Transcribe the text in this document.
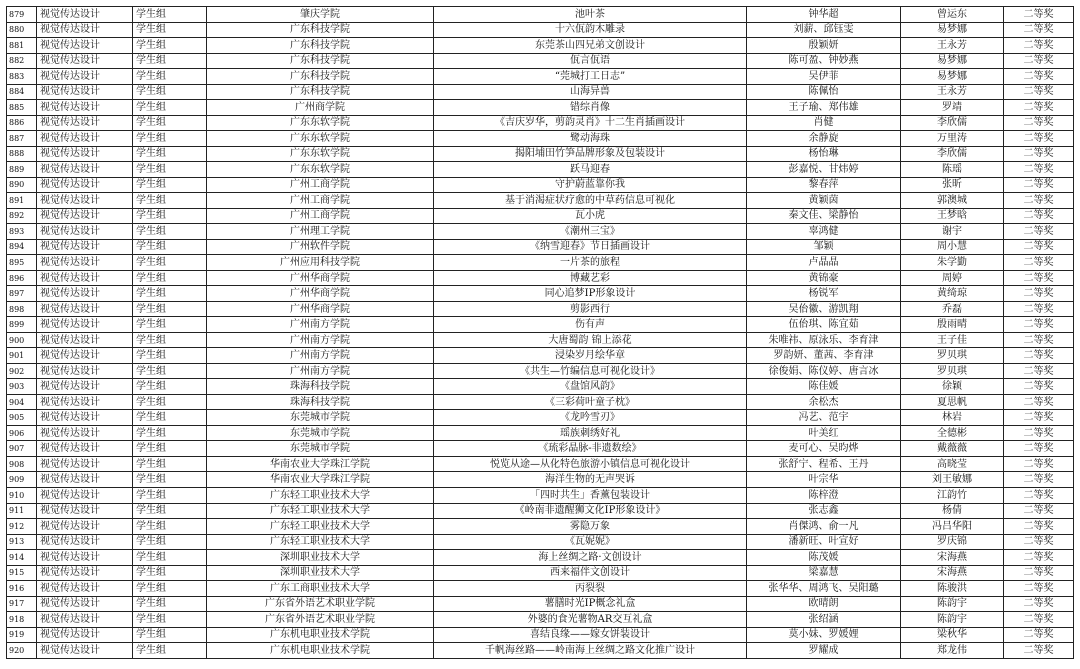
879	视觉传达设计	学生组	肇庆学院	池叶茶	钟华超	曾运东	二等奖
880	视觉传达设计	学生组	广东科技学院	十六佤韵木雕录	刘薪、邱钰雯	易梦娜	二等奖
881	视觉传达设计	学生组	广东科技学院	东莞茶山四兄弟文创设计	殷颖妍	王永芳	二等奖
882	视觉传达设计	学生组	广东科技学院	佤言佤语	陈可盈、钟妙燕	易梦娜	二等奖
883	视觉传达设计	学生组	广东科技学院	“莞城打工日志”	吴伊菲	易梦娜	二等奖
884	视觉传达设计	学生组	广东科技学院	山海异兽	陈佩怡	王永芳	二等奖
885	视觉传达设计	学生组	广州商学院	错综肖像	王子瑜、郑伟雄	罗靖	二等奖
886	视觉传达设计	学生组	广东东软学院	《吉庆岁华，剪韵灵肖》十二生肖插画设计	肖健	李欣儒	二等奖
887	视觉传达设计	学生组	广东东软学院	鹭动海珠	余静旋	万里涛	二等奖
888	视觉传达设计	学生组	广东东软学院	揭阳埔田竹笋品牌形象及包装设计	杨怡琳	李欣儒	二等奖
889	视觉传达设计	学生组	广东东软学院	跃马迎春	彭嘉悦、甘炜婷	陈瑶	二等奖
890	视觉传达设计	学生组	广州工商学院	守护蔚蓝靠你我	黎春萍	张昕	二等奖
891	视觉传达设计	学生组	广州工商学院	基于消渴症状疗愈的中草药信息可视化	黄颖茵	郭澳城	二等奖
892	视觉传达设计	学生组	广州工商学院	瓦小虎	秦文佳、梁静怡	王梦晗	二等奖
893	视觉传达设计	学生组	广州理工学院	《潮州三宝》	辜鸿健	谢宇	二等奖
894	视觉传达设计	学生组	广州软件学院	《纳雪迎春》节日插画设计	邹颖	周小慧	二等奖
895	视觉传达设计	学生组	广州应用科技学院	一片茶的旅程	卢晶晶	朱学勤	二等奖
896	视觉传达设计	学生组	广州华商学院	博藏艺彩	黄锦豪	周婷	二等奖
897	视觉传达设计	学生组	广州华商学院	同心追梦IP形象设计	杨锐军	黄绮琼	二等奖
898	视觉传达设计	学生组	广州华商学院	剪影西行	吴佁徽、游凯翔	乔磊	二等奖
899	视觉传达设计	学生组	广州南方学院	伤有声	伍佁琪、陈宜茹	殷雨晴	二等奖
900	视觉传达设计	学生组	广州南方学院	大唐蜀韵 锦上添花	朱唯祎、原泳乐、李育津	王子佳	二等奖
901	视觉传达设计	学生组	广州南方学院	浸染岁月绘华章	罗韵妍、董茜、李育津	罗贝琪	二等奖
902	视觉传达设计	学生组	广州南方学院	《共生—竹编信息可视化设计》	徐俊娟、陈仪婷、唐言冰	罗贝琪	二等奖
903	视觉传达设计	学生组	珠海科技学院	《盘馆风韵》	陈佳媛	徐颖	二等奖
904	视觉传达设计	学生组	珠海科技学院	《三彩荷叶童子枕》	余松杰	夏思帆	二等奖
905	视觉传达设计	学生组	东莞城市学院	《龙吟雪刃》	冯艺、范宇	林岩	二等奖
906	视觉传达设计	学生组	东莞城市学院	瑶族刺绣好礼	叶美红	全德彬	二等奖
907	视觉传达设计	学生组	东莞城市学院	《琉彩晶脉-非遗数绘》	麦可心、吴昀烨	戴薇薇	二等奖
908	视觉传达设计	学生组	华南农业大学珠江学院	悦览从途—从化特色旅游小镇信息可视化设计	张舒宁、程希、王丹	高晓莹	二等奖
909	视觉传达设计	学生组	华南农业大学珠江学院	海洋生物的无声哭诉	叶宗华	刘王敏娜	二等奖
910	视觉传达设计	学生组	广东轻工职业技术大学	「四时共生」香薰包装设计	陈梓澄	江韵竹	二等奖
911	视觉传达设计	学生组	广东轻工职业技术大学	《岭南非遗醒狮文化IP形象设计》	张志鑫	杨倩	二等奖
912	视觉传达设计	学生组	广东轻工职业技术大学	雾隐万象	肖傑鸿、俞一凡	冯吕华阳	二等奖
913	视觉传达设计	学生组	广东轻工职业技术大学	《瓦妮妮》	潘新旺、叶宣好	罗庆锦	二等奖
914	视觉传达设计	学生组	深圳职业技术大学	海上丝绸之路·文创设计	陈茂媛	宋海燕	二等奖
915	视觉传达设计	学生组	深圳职业技术大学	西来福伴文创设计	梁嘉慧	宋海燕	二等奖
916	视觉传达设计	学生组	广东工商职业技术大学	丙裂裂	张华华、周鸿飞、吴阳璐	陈骏洪	二等奖
917	视觉传达设计	学生组	广东省外语艺术职业学院	薯膳时光IP概念礼盒	欧晴朗	陈韵宇	二等奖
918	视觉传达设计	学生组	广东省外语艺术职业学院	外婆的食光薯物AR交互礼盒	张绍涵	陈韵宇	二等奖
919	视觉传达设计	学生组	广东机电职业技术学院	喜结良缘——嫁女饼装设计	莫小妹、罗媛娌	梁秋华	二等奖
920	视觉传达设计	学生组	广东机电职业技术学院	千帆海丝路——岭南海上丝绸之路文化推广设计	罗耀成	郑龙伟	二等奖
